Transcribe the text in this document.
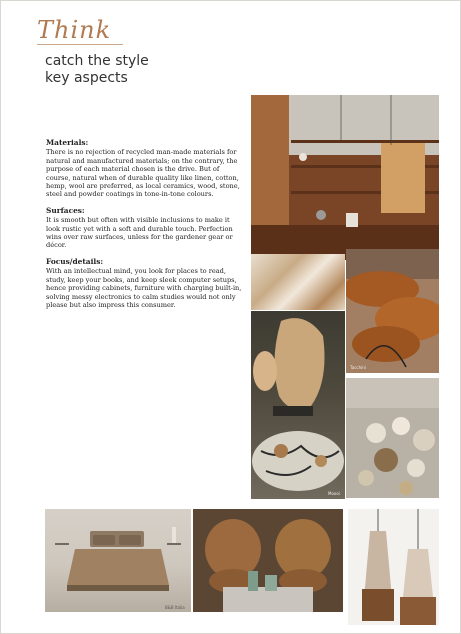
Think
catch the style
key aspects
Materials:

There is no rejection of recycled man-made materials for natural and manufactured materials; on the contrary, the purpose of each material chosen is the drive. But of course, natural when of durable quality like linen, cotton, hemp, wool are preferred, as local ceramics, wood, stone, steel and powder coatings in tone-in-tone colours.

Surfaces:

It is smooth but often with visible inclusions to make it look rustic yet with a soft and durable touch. Perfection wins over raw surfaces, unless for the gardener gear or décor.

Focus/details:

With an intellectual mind, you look for places to read, study, keep your books, and keep sleek computer setups, hence providing cabinets, furniture with charging built-in, solving messy electronics to calm studies would not only please but also impress this consumer.

Tacchini
Moooi
B&B Italia
